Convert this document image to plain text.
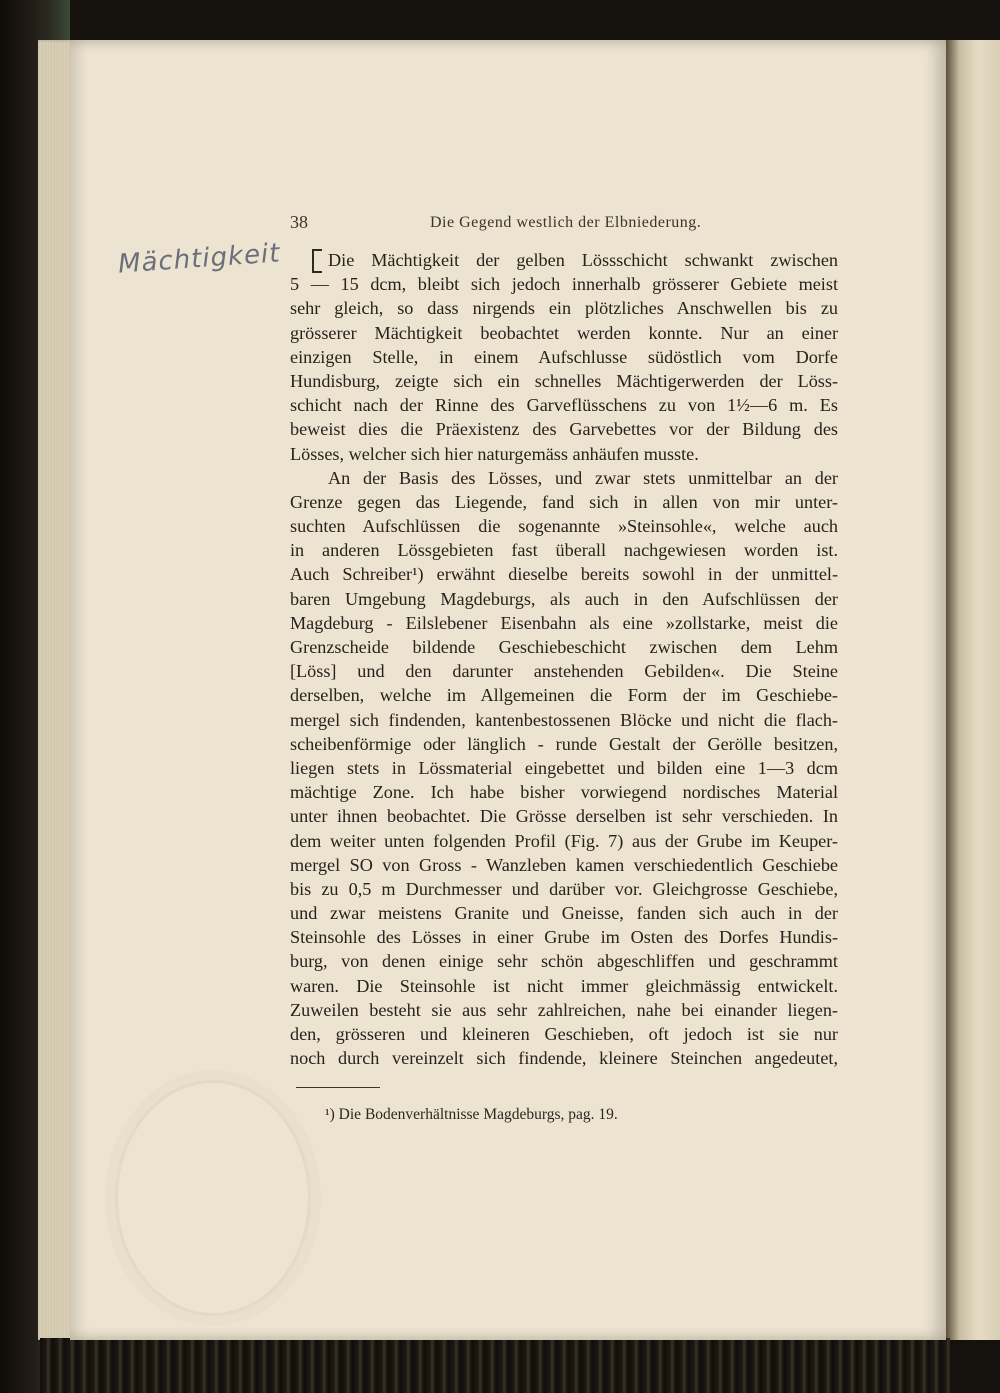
Mächtigkeit
38	Die Gegend westlich der Elbniederung.
Die Mächtigkeit der gelben Lössschicht schwankt zwischen
5 — 15 dcm, bleibt sich jedoch innerhalb grösserer Gebiete meist
sehr gleich, so dass nirgends ein plötzliches Anschwellen bis zu
grösserer Mächtigkeit beobachtet werden konnte. Nur an einer
einzigen Stelle, in einem Aufschlusse südöstlich vom Dorfe
Hundisburg, zeigte sich ein schnelles Mächtigerwerden der Löss-
schicht nach der Rinne des Garveflüsschens zu von 1½—6 m. Es
beweist dies die Präexistenz des Garvebettes vor der Bildung des
Lösses, welcher sich hier naturgemäss anhäufen musste.
An der Basis des Lösses, und zwar stets unmittelbar an der
Grenze gegen das Liegende, fand sich in allen von mir unter-
suchten Aufschlüssen die sogenannte »Steinsohle«, welche auch
in anderen Lössgebieten fast überall nachgewiesen worden ist.
Auch Schreiber¹) erwähnt dieselbe bereits sowohl in der unmittel-
baren Umgebung Magdeburgs, als auch in den Aufschlüssen der
Magdeburg - Eilslebener Eisenbahn als eine »zollstarke, meist die
Grenzscheide bildende Geschiebeschicht zwischen dem Lehm
[Löss] und den darunter anstehenden Gebilden«. Die Steine
derselben, welche im Allgemeinen die Form der im Geschiebe-
mergel sich findenden, kantenbestossenen Blöcke und nicht die flach-
scheibenförmige oder länglich - runde Gestalt der Gerölle besitzen,
liegen stets in Lössmaterial eingebettet und bilden eine 1—3 dcm
mächtige Zone. Ich habe bisher vorwiegend nordisches Material
unter ihnen beobachtet. Die Grösse derselben ist sehr verschieden. In
dem weiter unten folgenden Profil (Fig. 7) aus der Grube im Keuper-
mergel SO von Gross - Wanzleben kamen verschiedentlich Geschiebe
bis zu 0,5 m Durchmesser und darüber vor. Gleichgrosse Geschiebe,
und zwar meistens Granite und Gneisse, fanden sich auch in der
Steinsohle des Lösses in einer Grube im Osten des Dorfes Hundis-
burg, von denen einige sehr schön abgeschliffen und geschrammt
waren. Die Steinsohle ist nicht immer gleichmässig entwickelt.
Zuweilen besteht sie aus sehr zahlreichen, nahe bei einander liegen-
den, grösseren und kleineren Geschieben, oft jedoch ist sie nur
noch durch vereinzelt sich findende, kleinere Steinchen angedeutet,
¹) Die Bodenverhältnisse Magdeburgs, pag. 19.
